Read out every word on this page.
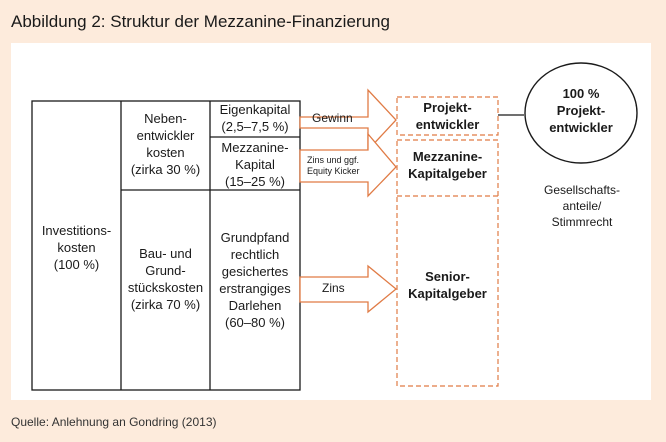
Abbildung 2: Struktur der Mezzanine-Finanzierung
Investitions-
kosten
(100 %)
Neben-
entwickler
kosten
(zirka 30 %)
Bau- und
Grund-
stückskosten
(zirka 70 %)
Eigenkapital
(2,5–7,5 %)
Mezzanine-
Kapital
(15–25 %)
Grundpfand
rechtlich
gesichertes
erstrangiges
Darlehen
(60–80 %)
Gewinn
Zins und ggf.
Equity Kicker
Zins
Projekt-
entwickler
Mezzanine-
Kapitalgeber
Senior-
Kapitalgeber
100 %
Projekt-
entwickler
Gesellschafts-
anteile/
Stimmrecht
Quelle: Anlehnung an Gondring (2013)
